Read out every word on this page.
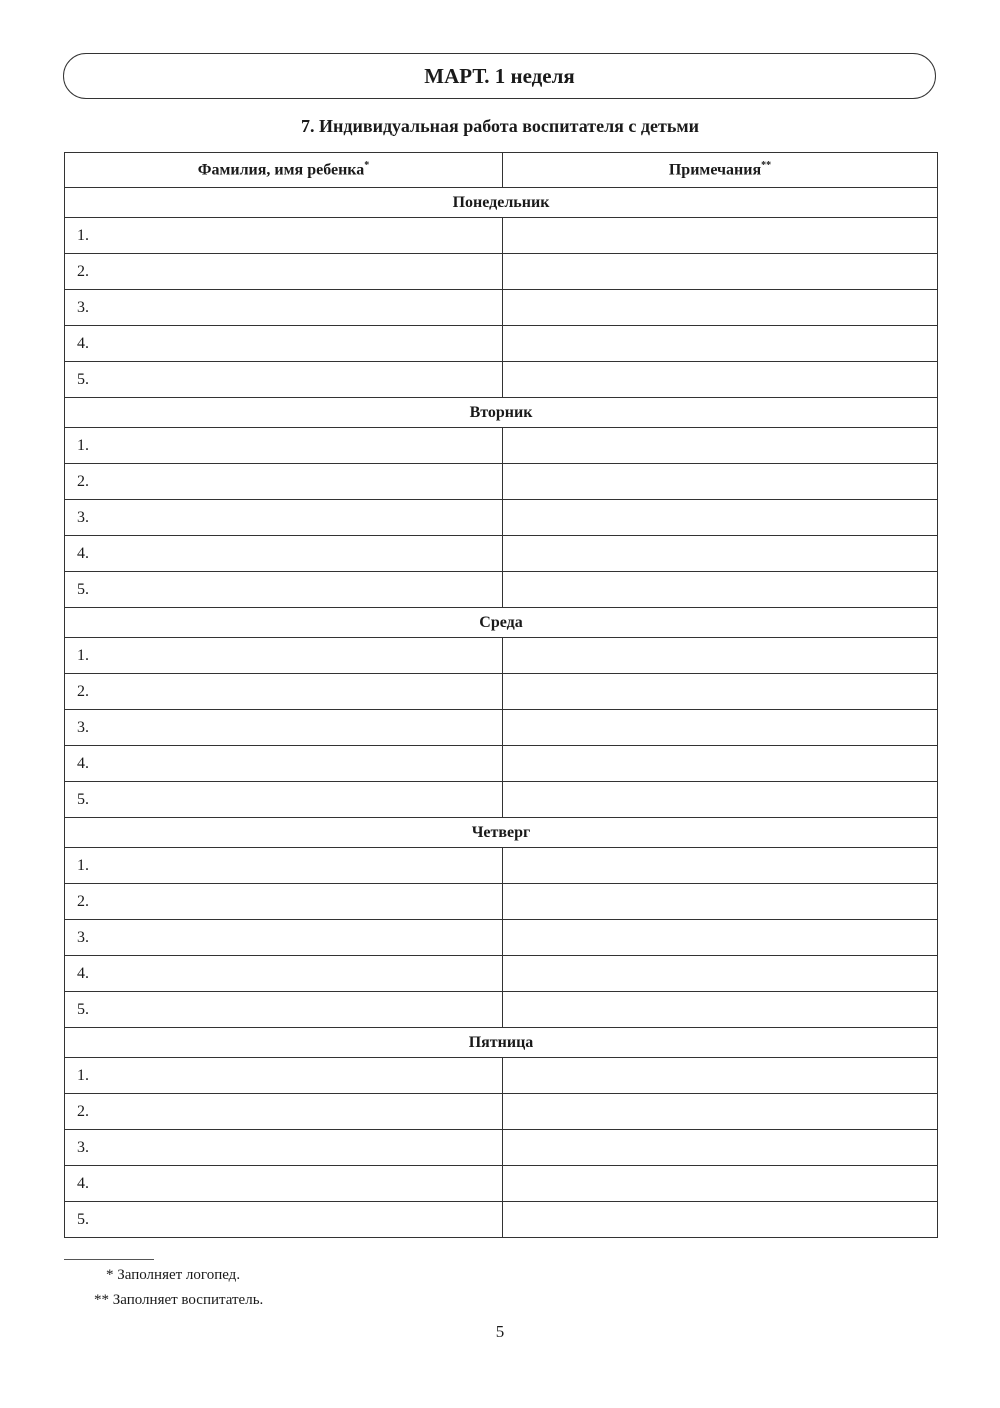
МАРТ. 1 неделя
7. Индивидуальная работа воспитателя с детьми
Фамилия, имя ребенка*	Примечания**
Понедельник	
1.	
2.	
3.	
4.	
5.	
Вторник	
1.	
2.	
3.	
4.	
5.	
Среда	
1.	
2.	
3.	
4.	
5.	
Четверг	
1.	
2.	
3.	
4.	
5.	
Пятница	
1.	
2.	
3.	
4.	
5.	
* Заполняет логопед.
** Заполняет воспитатель.
5
